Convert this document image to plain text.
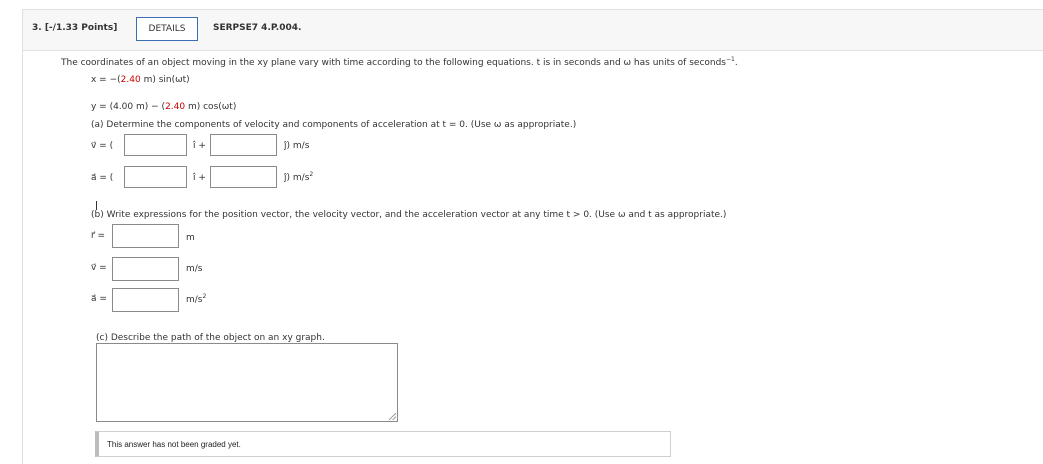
3. [-/1.33 Points]	DETAILS	SERPSE7 4.P.004.
The coordinates of an object moving in the xy plane vary with time according to the following equations. t is in seconds and ω has units of seconds$^{-1}$.
x = −(2.40 m) sin(ωt)
y = (4.00 m) − (2.40 m) cos(ωt)
(a) Determine the components of velocity and components of acceleration at t = 0. (Use ω as appropriate.)
v⃗ = (	î +	ĵ) m/s
a⃗ = (	î +	ĵ) $m/s^2$
(b) Write expressions for the position vector, the velocity vector, and the acceleration vector at any time t > 0. (Use ω and t as appropriate.)
r⃗ =	m
v⃗ =	m/s
a⃗ =	$m/s^2$
(c) Describe the path of the object on an xy graph.
This answer has not been graded yet.
